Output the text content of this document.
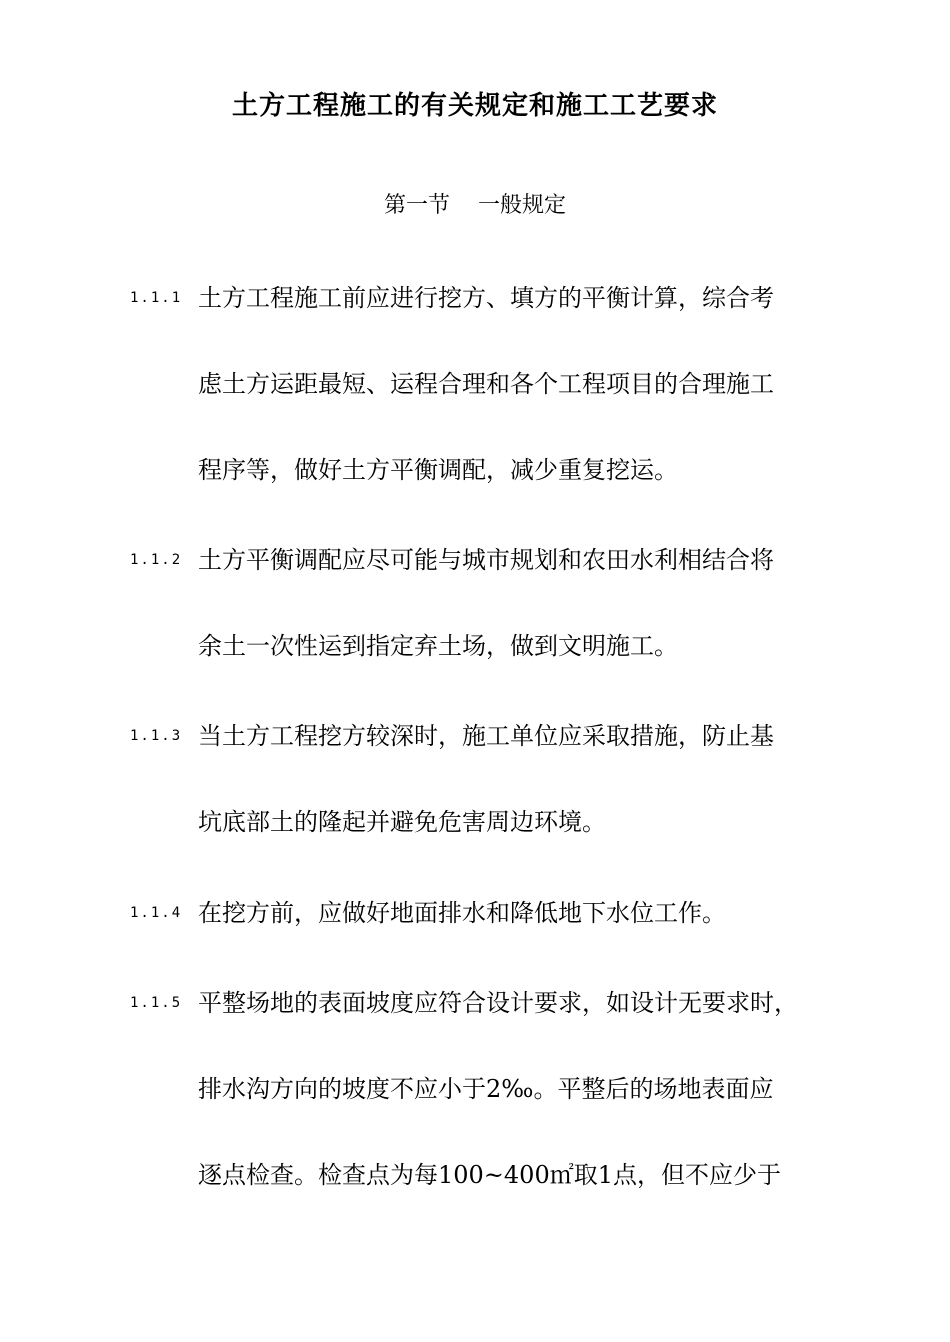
土方工程施工的有关规定和施工工艺要求
第一节    一般规定
1.1.1 土方工程施工前应进行挖方、填方的平衡计算，综合考
虑土方运距最短、运程合理和各个工程项目的合理施工
程序等，做好土方平衡调配，减少重复挖运。
1.1.2 土方平衡调配应尽可能与城市规划和农田水利相结合将
余土一次性运到指定弃土场，做到文明施工。
1.1.3 当土方工程挖方较深时，施工单位应采取措施，防止基
坑底部土的隆起并避免危害周边环境。
1.1.4 在挖方前，应做好地面排水和降低地下水位工作。
1.1.5 平整场地的表面坡度应符合设计要求，如设计无要求时，
排水沟方向的坡度不应小于2‰。平整后的场地表面应
逐点检查。检查点为每100~400㎡取1点，但不应少于
